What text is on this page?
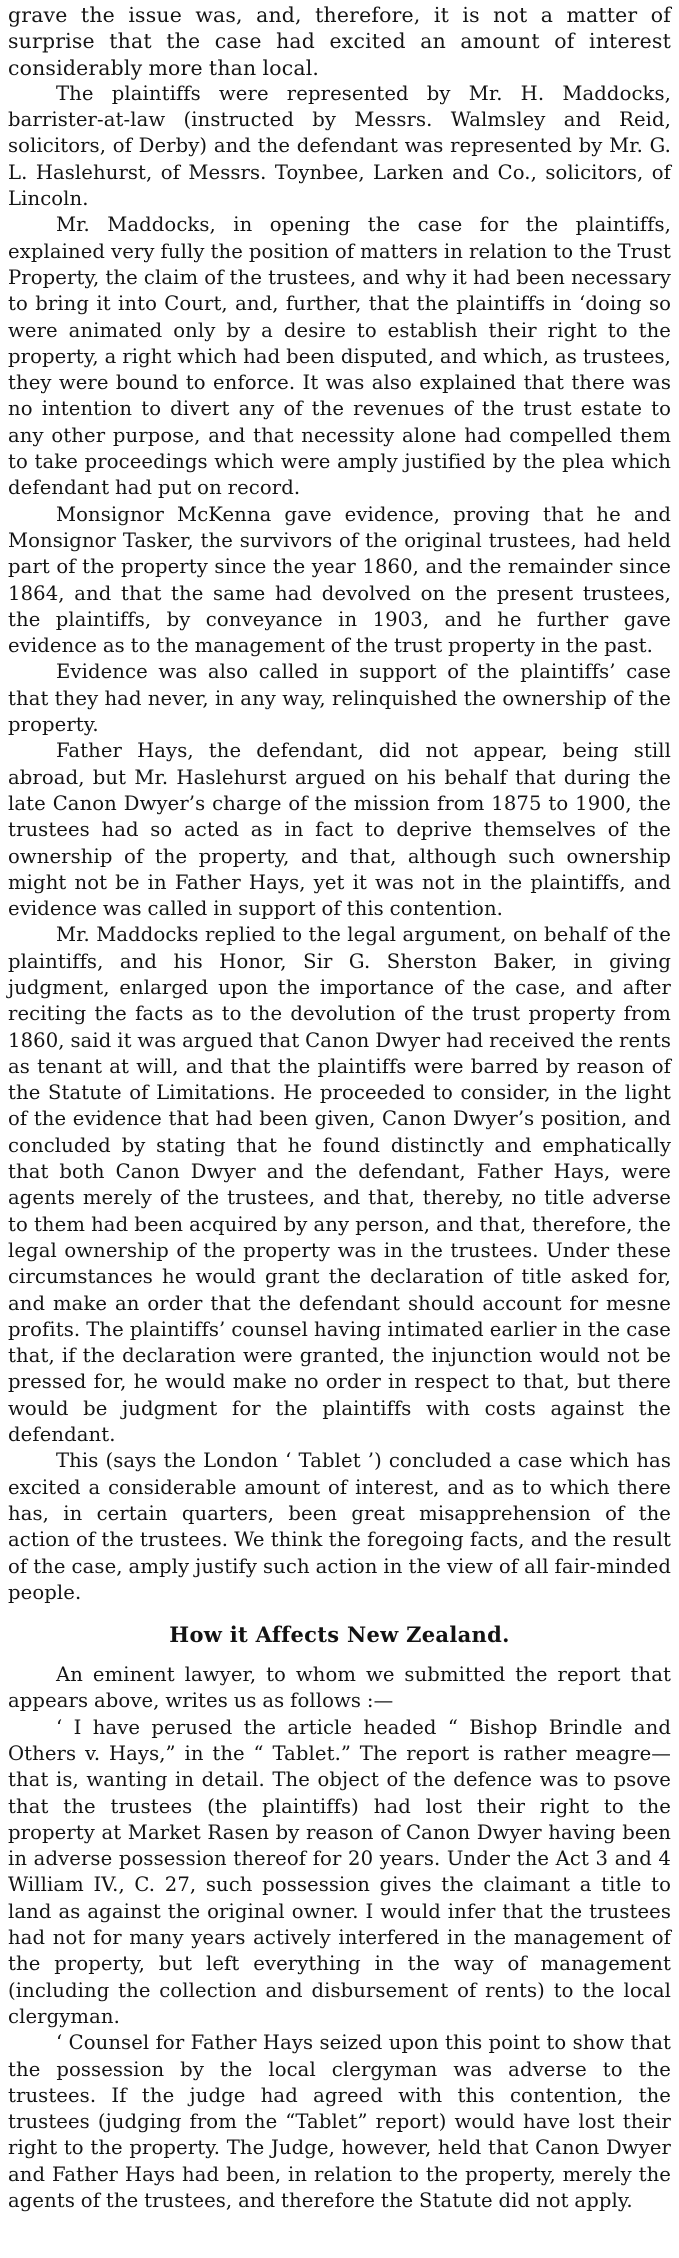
grave the issue was, and, therefore, it is not a matter of surprise that the case had excited an amount of interest considerably more than local.

The plaintiffs were represented by Mr. H. Maddocks, barrister-at-law (instructed by Messrs. Walmsley and Reid, solicitors, of Derby) and the defendant was represented by Mr. G. L. Haslehurst, of Messrs. Toynbee, Larken and Co., solicitors, of Lincoln.

Mr. Maddocks, in opening the case for the plaintiffs, explained very fully the position of matters in relation to the Trust Property, the claim of the trustees, and why it had been necessary to bring it into Court, and, further, that the plaintiffs in ‘doing so were animated only by a desire to establish their right to the property, a right which had been disputed, and which, as trustees, they were bound to enforce. It was also explained that there was no intention to divert any of the revenues of the trust estate to any other purpose, and that necessity alone had compelled them to take proceedings which were amply justified by the plea which defendant had put on record.

Monsignor McKenna gave evidence, proving that he and Monsignor Tasker, the survivors of the original trustees, had held part of the property since the year 1860, and the remainder since 1864, and that the same had devolved on the present trustees, the plaintiffs, by conveyance in 1903, and he further gave evidence as to the management of the trust property in the past.

Evidence was also called in support of the plaintiffs’ case that they had never, in any way, relinquished the ownership of the property.

Father Hays, the defendant, did not appear, being still abroad, but Mr. Haslehurst argued on his behalf that during the late Canon Dwyer’s charge of the mission from 1875 to 1900, the trustees had so acted as in fact to deprive themselves of the ownership of the property, and that, although such ownership might not be in Father Hays, yet it was not in the plaintiffs, and evidence was called in support of this contention.

Mr. Maddocks replied to the legal argument, on behalf of the plaintiffs, and his Honor, Sir G. Sherston Baker, in giving judgment, enlarged upon the importance of the case, and after reciting the facts as to the devolution of the trust property from 1860, said it was argued that Canon Dwyer had received the rents as tenant at will, and that the plaintiffs were barred by reason of the Statute of Limitations. He proceeded to consider, in the light of the evidence that had been given, Canon Dwyer’s position, and concluded by stating that he found distinctly and emphatically that both Canon Dwyer and the defendant, Father Hays, were agents merely of the trustees, and that, thereby, no title adverse to them had been acquired by any person, and that, therefore, the legal ownership of the property was in the trustees. Under these circumstances he would grant the declaration of title asked for, and make an order that the defendant should account for mesne profits. The plaintiffs’ counsel having intimated earlier in the case that, if the declaration were granted, the injunction would not be pressed for, he would make no order in respect to that, but there would be judgment for the plaintiffs with costs against the defendant.

This (says the London ‘ Tablet ’) concluded a case which has excited a considerable amount of interest, and as to which there has, in certain quarters, been great misapprehension of the action of the trustees. We think the foregoing facts, and the result of the case, amply justify such action in the view of all fair-minded people.

How it Affects New Zealand.

An eminent lawyer, to whom we submitted the report that appears above, writes us as follows :—

‘ I have perused the article headed “ Bishop Brindle and Others v. Hays,” in the “ Tablet.” The report is rather meagre—that is, wanting in detail. The object of the defence was to psove that the trustees (the plaintiffs) had lost their right to the property at Market Rasen by reason of Canon Dwyer having been in adverse possession thereof for 20 years. Under the Act 3 and 4 William IV., C. 27, such possession gives the claimant a title to land as against the original owner. I would infer that the trustees had not for many years actively interfered in the management of the property, but left everything in the way of management (including the collection and disbursement of rents) to the local clergyman.

‘ Counsel for Father Hays seized upon this point to show that the possession by the local clergyman was adverse to the trustees. If the judge had agreed with this contention, the trustees (judging from the “Tablet” report) would have lost their right to the property. The Judge, however, held that Canon Dwyer and Father Hays had been, in relation to the property, merely the agents of the trustees, and therefore the Statute did not apply.
